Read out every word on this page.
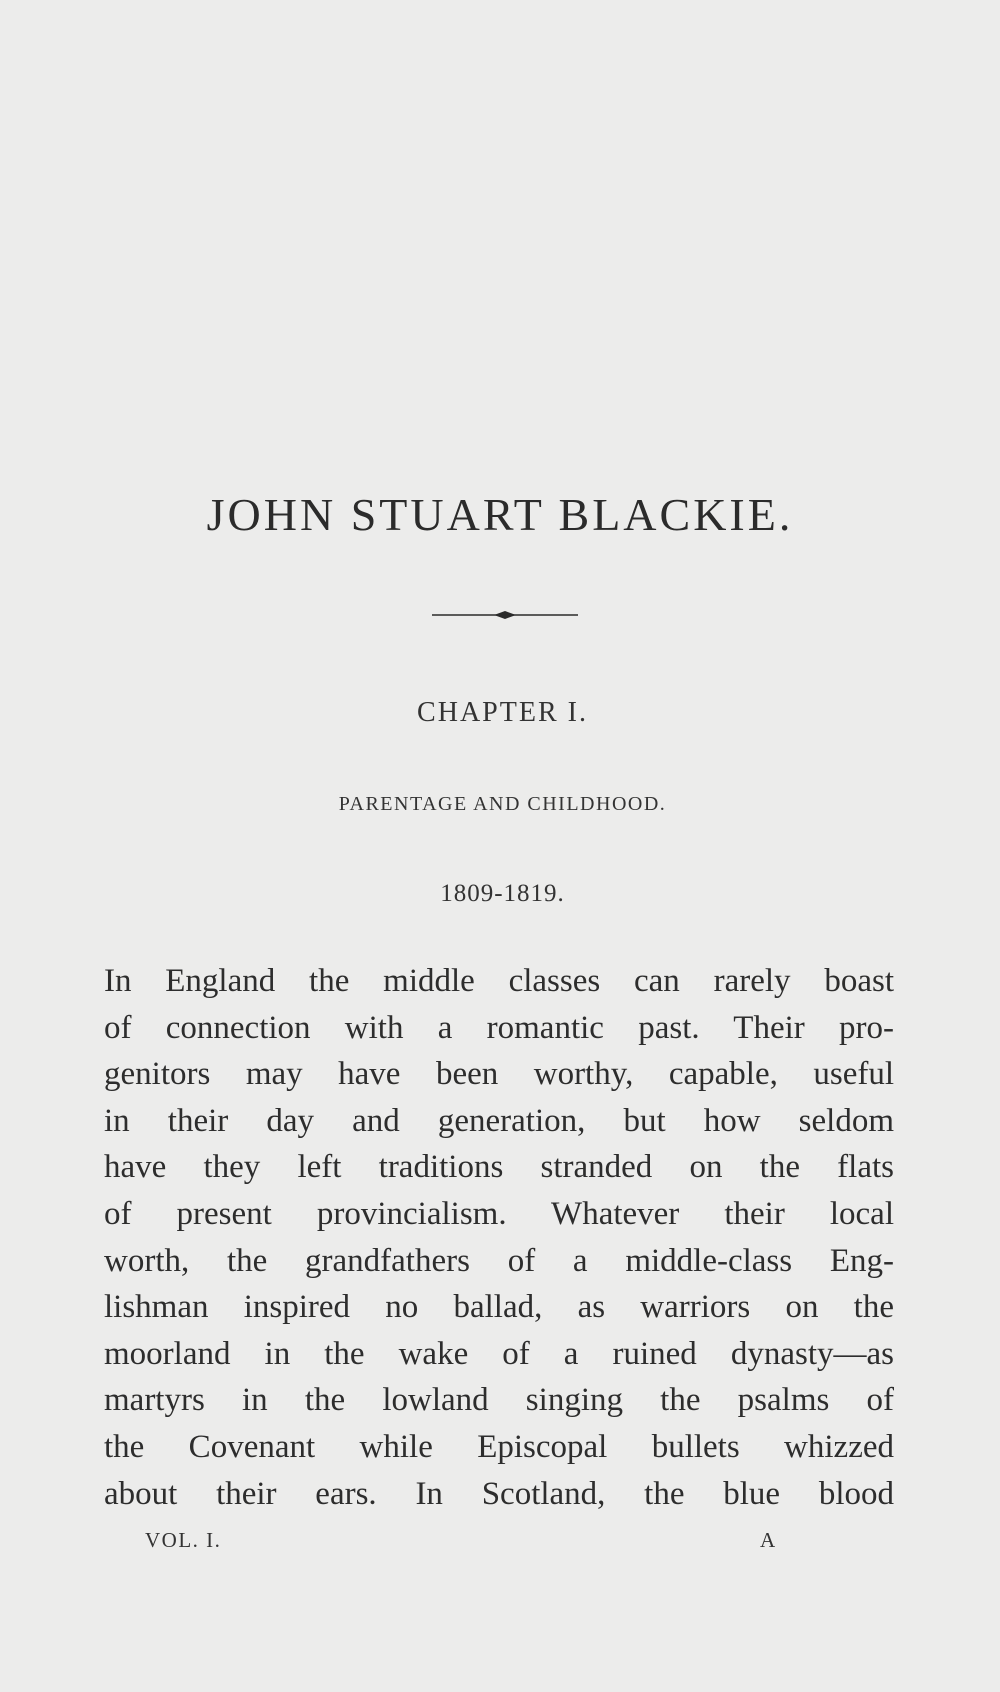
JOHN STUART BLACKIE.
CHAPTER I.
PARENTAGE AND CHILDHOOD.
1809-1819.
In England the middle classes can rarely boast
of connection with a romantic past. Their pro-
genitors may have been worthy, capable, useful
in their day and generation, but how seldom
have they left traditions stranded on the flats
of present provincialism. Whatever their local
worth, the grandfathers of a middle-class Eng-
lishman inspired no ballad, as warriors on the
moorland in the wake of a ruined dynasty—as
martyrs in the lowland singing the psalms of
the Covenant while Episcopal bullets whizzed
about their ears. In Scotland, the blue blood
VOL. I.	A
